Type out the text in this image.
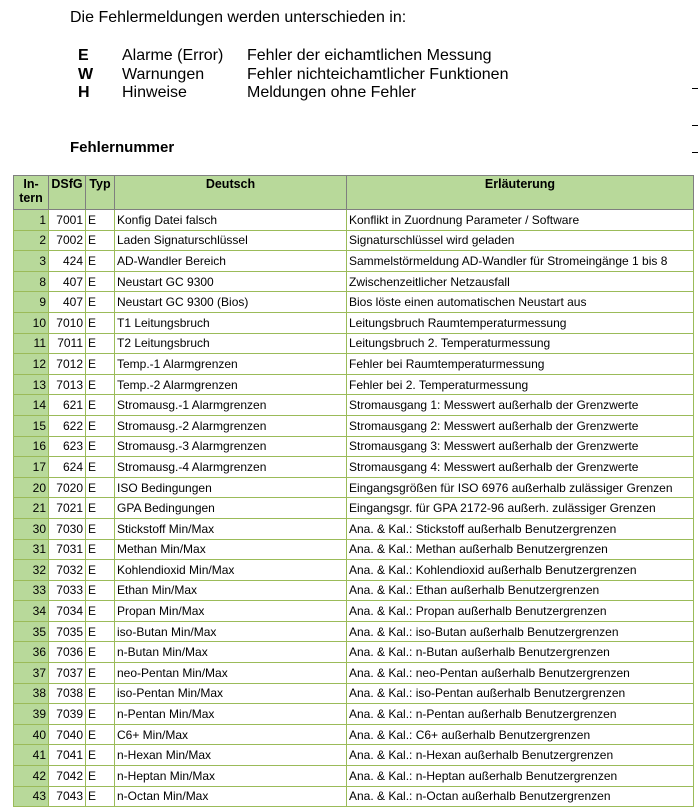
Die Fehlermeldungen werden unterschieden in:
E	Alarme (Error)	Fehler der eichamtlichen Messung
W	Warnungen	Fehler nichteichamtlicher Funktionen
H	Hinweise	Meldungen ohne Fehler
Fehlernummer
In-
tern	DSfG	Typ	Deutsch	Erläuterung
1	7001	E	Konfig Datei falsch	Konflikt in Zuordnung Parameter / Software
2	7002	E	Laden Signaturschlüssel	Signaturschlüssel wird geladen
3	424	E	AD-Wandler Bereich	Sammelstörmeldung AD-Wandler für Stromeingänge 1 bis 8
8	407	E	Neustart GC 9300	Zwischenzeitlicher Netzausfall
9	407	E	Neustart GC 9300 (Bios)	Bios löste einen automatischen Neustart aus
10	7010	E	T1 Leitungsbruch	Leitungsbruch Raumtemperaturmessung
11	7011	E	T2 Leitungsbruch	Leitungsbruch 2. Temperaturmessung
12	7012	E	Temp.-1 Alarmgrenzen	Fehler bei Raumtemperaturmessung
13	7013	E	Temp.-2 Alarmgrenzen	Fehler bei 2. Temperaturmessung
14	621	E	Stromausg.-1 Alarmgrenzen	Stromausgang 1: Messwert außerhalb der Grenzwerte
15	622	E	Stromausg.-2 Alarmgrenzen	Stromausgang 2: Messwert außerhalb der Grenzwerte
16	623	E	Stromausg.-3 Alarmgrenzen	Stromausgang 3: Messwert außerhalb der Grenzwerte
17	624	E	Stromausg.-4 Alarmgrenzen	Stromausgang 4: Messwert außerhalb der Grenzwerte
20	7020	E	ISO Bedingungen	Eingangsgrößen für ISO 6976 außerhalb zulässiger Grenzen
21	7021	E	GPA Bedingungen	Eingangsgr. für GPA 2172-96 außerh. zulässiger Grenzen
30	7030	E	Stickstoff Min/Max	Ana. & Kal.: Stickstoff außerhalb Benutzergrenzen
31	7031	E	Methan Min/Max	Ana. & Kal.: Methan außerhalb Benutzergrenzen
32	7032	E	Kohlendioxid Min/Max	Ana. & Kal.: Kohlendioxid außerhalb Benutzergrenzen
33	7033	E	Ethan Min/Max	Ana. & Kal.: Ethan außerhalb Benutzergrenzen
34	7034	E	Propan Min/Max	Ana. & Kal.: Propan außerhalb Benutzergrenzen
35	7035	E	iso-Butan Min/Max	Ana. & Kal.: iso-Butan außerhalb Benutzergrenzen
36	7036	E	n-Butan Min/Max	Ana. & Kal.: n-Butan außerhalb Benutzergrenzen
37	7037	E	neo-Pentan Min/Max	Ana. & Kal.: neo-Pentan außerhalb Benutzergrenzen
38	7038	E	iso-Pentan Min/Max	Ana. & Kal.: iso-Pentan außerhalb Benutzergrenzen
39	7039	E	n-Pentan Min/Max	Ana. & Kal.: n-Pentan außerhalb Benutzergrenzen
40	7040	E	C6+ Min/Max	Ana. & Kal.: C6+ außerhalb Benutzergrenzen
41	7041	E	n-Hexan Min/Max	Ana. & Kal.: n-Hexan außerhalb Benutzergrenzen
42	7042	E	n-Heptan Min/Max	Ana. & Kal.: n-Heptan außerhalb Benutzergrenzen
43	7043	E	n-Octan Min/Max	Ana. & Kal.: n-Octan außerhalb Benutzergrenzen
